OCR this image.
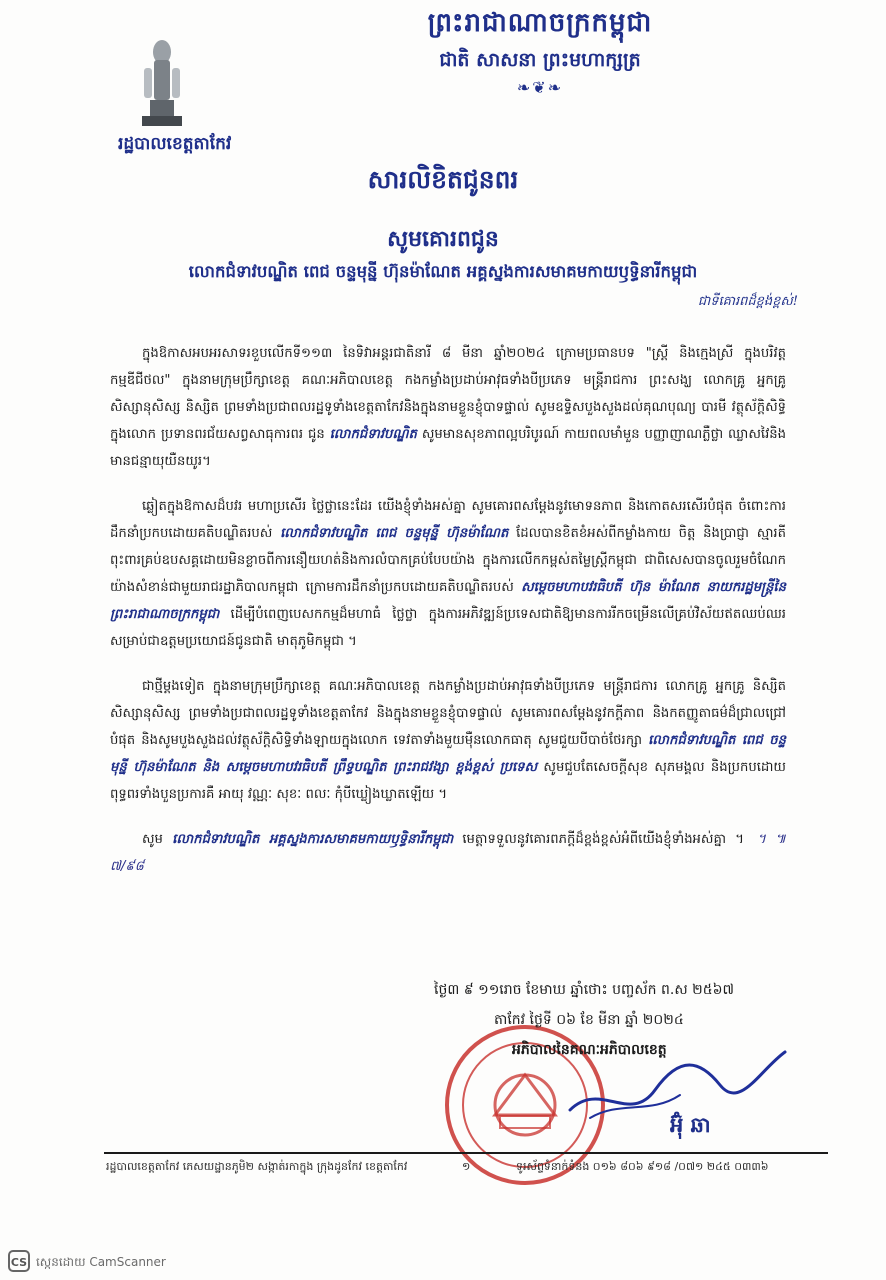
ព្រះរាជាណាចក្រកម្ពុជា
ជាតិ សាសនា ព្រះមហាក្សត្រ
❧❦❧
រដ្ឋបាលខេត្តតាកែវ
សារលិខិតជូនពរ
សូមគោរពជូន
លោកជំទាវបណ្ឌិត ពេជ ចន្ទមុន្នី ហ៊ុនម៉ាណែត អគ្គស្នងការសមាគមកាយឫទ្ធិនារីកម្ពុជា
ជាទីគោរពដ៏ខ្ពង់ខ្ពស់!

ក្នុងឱកាសអបអរសាទរខួបលើកទី១១៣ នៃទិវាអន្តរជាតិនារី ៨ មីនា ឆ្នាំ២០២៤ ក្រោមប្រធានបទ "ស្ត្រី និងក្មេងស្រី ក្នុងបរិវត្តកម្មឌីជីថល" ក្នុងនាមក្រុមប្រឹក្សាខេត្ត គណៈអភិបាលខេត្ត កងកម្លាំងប្រដាប់អាវុធទាំងបីប្រភេទ មន្ត្រីរាជការ ព្រះសង្ឃ លោកគ្រូ អ្នកគ្រូ សិស្សានុសិស្ស និស្សិត ព្រមទាំងប្រជាពលរដ្ឋទូទាំងខេត្តតាកែវនិងក្នុងនាមខ្លួនខ្ញុំបាទផ្ទាល់ សូមឧទ្ទិសបួងសួងដល់គុណបុណ្យ បារមី វត្ថុស័ក្តិសិទ្ធិក្នុងលោក ប្រទានពរជ័យសព្វសាធុការពរ ជូន លោកជំទាវបណ្ឌិត សូមមានសុខភាពល្អបរិបូរណ៍ កាយពលមាំមួន បញ្ញាញាណភ្លឺថ្លា ឈ្លាសវៃនិងមានជន្មាយុយឺនយូរ។

ឆ្លៀតក្នុងឱកាសដ៏បវរ មហាប្រសើរ ថ្លៃថ្លានេះដែរ យើងខ្ញុំទាំងអស់គ្នា សូមគោរពសម្តែងនូវមោទនភាព និងកោតសរសើរបំផុត ចំពោះការដឹកនាំប្រកបដោយគតិបណ្ឌិតរបស់ លោកជំទាវបណ្ឌិត ពេជ ចន្ទមុន្នី ហ៊ុនម៉ាណែត ដែលបានខិតខំអស់ពីកម្លាំងកាយ ចិត្ត និងប្រាជ្ញា ស្មារតី ពុះពារគ្រប់ឧបសគ្គដោយមិនខ្លាចពីការនឿយហត់និងការលំបាកគ្រប់បែបយ៉ាង ក្នុងការលើកកម្ពស់តម្លៃស្ត្រីកម្ពុជា ជាពិសេសបានចូលរួមចំណែកយ៉ាងសំខាន់ជាមួយរាជរដ្ឋាភិបាលកម្ពុជា ក្រោមការដឹកនាំប្រកបដោយគតិបណ្ឌិតរបស់ សម្តេចមហាបវរធិបតី ហ៊ុន ម៉ាណែត នាយករដ្ឋមន្ត្រីនៃព្រះរាជាណាចក្រកម្ពុជា ដើម្បីបំពេញបេសកកម្មដ៏មហាធំ ថ្លៃថ្លា ក្នុងការអភិវឌ្ឍន៍ប្រទេសជាតិឱ្យមានការរីកចម្រើនលើគ្រប់វិស័យឥតឈប់ឈរ សម្រាប់ជាឧត្តមប្រយោជន៍ជូនជាតិ មាតុភូមិកម្ពុជា ។

ជាថ្មីម្តងទៀត ក្នុងនាមក្រុមប្រឹក្សាខេត្ត គណៈអភិបាលខេត្ត កងកម្លាំងប្រដាប់អាវុធទាំងបីប្រភេទ មន្ត្រីរាជការ លោកគ្រូ អ្នកគ្រូ និស្សិត សិស្សានុសិស្ស ព្រមទាំងប្រជាពលរដ្ឋទូទាំងខេត្តតាកែវ និងក្នុងនាមខ្លួនខ្ញុំបាទផ្ទាល់ សូមគោរពសម្តែងនូវកក្តីភាព និងកតញ្ញូតាធម៌ដ៏ជ្រាលជ្រៅបំផុត និងសូមបួងសួងដល់វត្ថុស័ក្តិសិទ្ធិទាំងឡាយក្នុងលោក ទេវតាទាំងមួយម៉ឺនលោកធាតុ សូមជួយបីបាច់ថែរក្សា លោកជំទាវបណ្ឌិត ពេជ ចន្ទមុន្នី ហ៊ុនម៉ាណែត និង សម្តេចមហាបវរធិបតី ព្រឹទ្ធបណ្ឌិត ព្រះរាជវង្សា ខ្ពង់ខ្ពស់ ប្រទេស សូមជួបតែសេចក្តីសុខ សុភមង្គល និងប្រកបដោយពុទ្ធពរទាំងបួនប្រការគឺ អាយុ វណ្ណៈ សុខៈ ពលៈ កុំបីឃ្លៀងឃ្លាតឡើយ ។

សូម លោកជំទាវបណ្ឌិត អគ្គស្នងការសមាគមកាយឫទ្ធិនារីកម្ពុជា មេត្តាទទួលនូវគោរពភក្តីដ៏ខ្ពង់ខ្ពស់អំពីយើងខ្ញុំទាំងអស់គ្នា ។ ។ ៕៧/៩៨

ថ្ងៃ៣ ៩ ១១រោច ខែមាឃ ឆ្នាំថោះ បញ្ចស័ក ព.ស ២៥៦៧
តាកែវ ថ្ងៃទី ០៦ ខែ មីនា ឆ្នាំ ២០២៤
អភិបាលនៃគណៈអភិបាលខេត្ត
អ៊ុំ ឆា
រដ្ឋបាលខេត្តតាកែវ ភេសយដ្ឋានភូមិ២ សង្កាត់រកាក្នុង ក្រុងដូនកែវ ខេត្តតាកែវ	១	ទូរស័ព្ទទំនាក់ទំនង ០១៦ ៨០៦ ៩១៨ /០៧១ ២៤៥ ០៣៣៦
CS ស្កេនដោយ CamScanner
